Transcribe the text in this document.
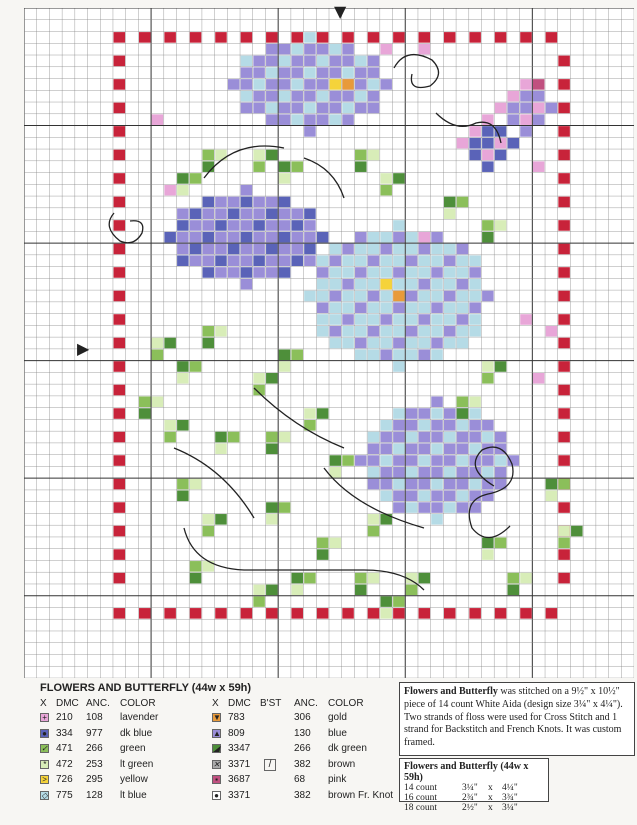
▼
▶
FLOWERS AND BUTTERFLY (44w x 59h)
X DMC ANC. COLOR	X DMC B'ST ANC. COLOR
+ 210 108 lavender
● 334 977 dk blue
✓ 471 266 green
* 472 253 lt green
> 726 295 yellow
◇ 775 128 lt blue
▼ 783	306 gold
▲ 809	130 blue
◢ 3347	266 dk green
✕ 3371	/	382 brown
▪	3687	68 pink
● 3371	382 brown Fr. Knot
Flowers and Butterfly was stitched on a 9½" x 10½" piece of 14 count White Aida (design size 3¼" x 4¼"). Two strands of floss were used for Cross Stitch and 1 strand for Backstitch and French Knots. It was custom framed.
Flowers and Butterfly (44w x 59h)
14 count	3¼" x 4¼"
16 count	2¾" x 3¾"
18 count	2½" x 3¼"
